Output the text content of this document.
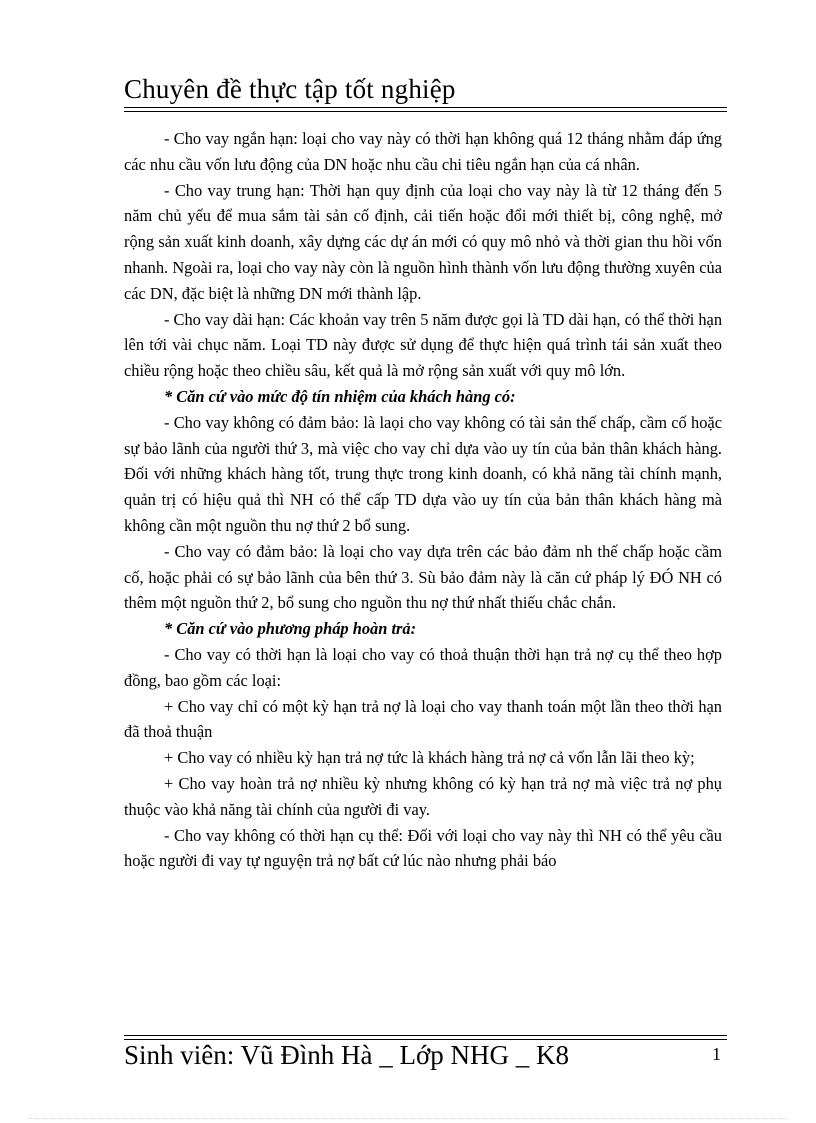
Chuyên đề thực tập tốt nghiệp

- Cho vay ngắn hạn: loại cho vay này có thời hạn không quá 12 tháng nhằm đáp ứng các nhu cầu vốn lưu động của DN hoặc nhu cầu chi tiêu ngắn hạn của cá nhân.

- Cho vay trung hạn: Thời hạn quy định của loại cho vay này là từ 12 tháng đến 5 năm chủ yếu để mua sắm tài sản cố định, cải tiến hoặc đổi mới thiết bị, công nghệ, mở rộng sản xuất kinh doanh, xây dựng các dự án mới có quy mô nhỏ và thời gian thu hồi vốn nhanh. Ngoài ra, loại cho vay này còn là nguồn hình thành vốn lưu động thường xuyên của các DN, đặc biệt là những DN mới thành lập.

- Cho vay dài hạn: Các khoản vay trên 5 năm được gọi là TD dài hạn, có thể thời hạn lên tới vài chục năm. Loại TD này được sử dụng để thực hiện quá trình tái sản xuất theo chiều rộng hoặc theo chiều sâu, kết quả là mở rộng sản xuất với quy mô lớn.

* Căn cứ vào mức độ tín nhiệm của khách hàng có:

- Cho vay không có đảm bảo: là laọi cho vay không có tài sản thế chấp, cầm cố hoặc sự bảo lãnh của người thứ 3, mà việc cho vay chỉ dựa vào uy tín của bản thân khách hàng. Đối với những khách hàng tốt, trung thực trong kinh doanh, có khả năng tài chính mạnh, quản trị có hiệu quả thì NH có thể cấp TD dựa vào uy tín của bản thân khách hàng mà không cần một nguồn thu nợ thứ 2 bổ sung.

- Cho vay có đảm bảo: là loại cho vay dựa trên các bảo đảm nh thế chấp hoặc cầm cố, hoặc phải có sự bảo lãnh của bên thứ 3. Sù bảo đảm này là căn cứ pháp lý ĐÓ NH có thêm một nguồn thứ 2, bổ sung cho nguồn thu nợ thứ nhất thiếu chắc chắn.

* Căn cứ vào phương pháp hoàn trả:

- Cho vay có thời hạn là loại cho vay có thoả thuận thời hạn trả nợ cụ thể theo hợp đồng, bao gồm các loại:

+ Cho vay chỉ có một kỳ hạn trả nợ là loại cho vay thanh toán một lần theo thời hạn đã thoả thuận

+ Cho vay có nhiều kỳ hạn trả nợ tức là khách hàng trả nợ cả vốn lẫn lãi theo kỳ;

+ Cho vay hoàn trả nợ nhiều kỳ nhưng không có kỳ hạn trả nợ mà việc trả nợ phụ thuộc vào khả năng tài chính của người đi vay.

- Cho vay không có thời hạn cụ thể: Đối với loại cho vay này thì NH có thể yêu cầu hoặc người đi vay tự nguyện trả nợ bất cứ lúc nào nhưng phải báo

Sinh viên: Vũ Đình Hà _ Lớp NHG _ K8	1
